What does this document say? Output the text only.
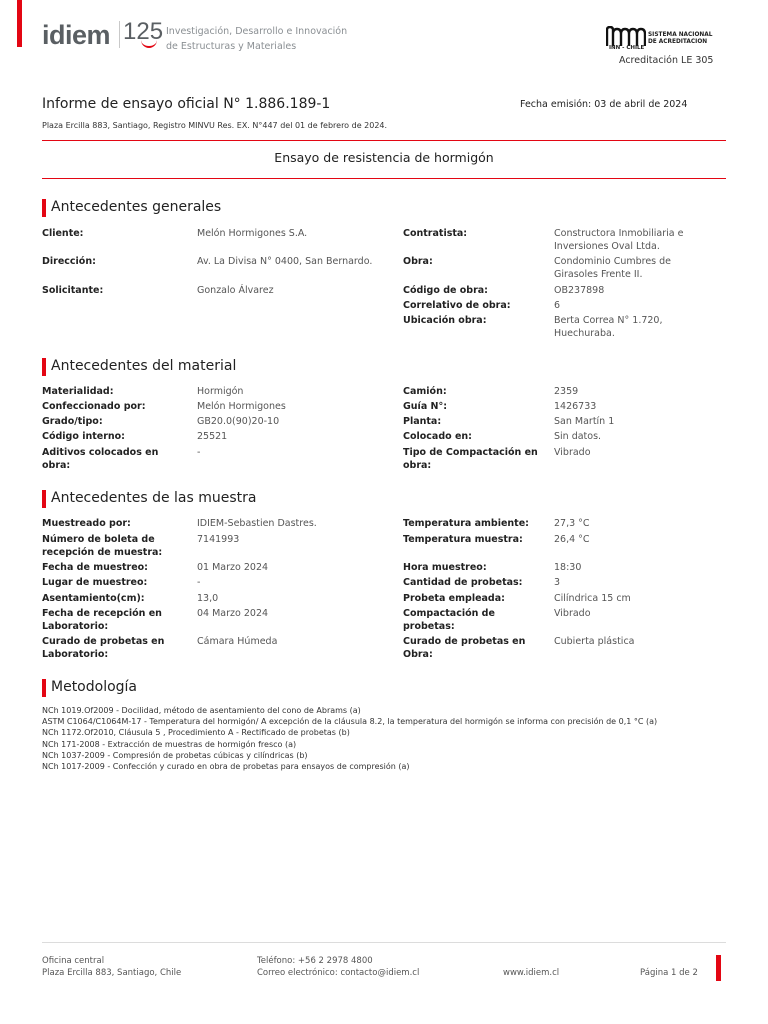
idiem 125 Investigación, Desarrollo e Innovación
de Estructuras y Materiales
SISTEMA NACIONAL
DE ACREDITACION
INN - CHILE
Acreditación LE 305
Informe de ensayo oficial N° 1.886.189-1	Fecha emisión: 03 de abril de 2024
Plaza Ercilla 883, Santiago, Registro MINVU Res. EX. N°447 del 01 de febrero de 2024.
Ensayo de resistencia de hormigón
Antecedentes generales
Cliente:	Melón Hormigones S.A.
Dirección:	Av. La Divisa N° 0400, San Bernardo.
Solicitante:	Gonzalo Álvarez
Contratista:	Constructora Inmobiliaria e Inversiones Oval Ltda.
Obra:	Condominio Cumbres de Girasoles Frente II.
Código de obra:	OB237898
Correlativo de obra:	6
Ubicación obra:	Berta Correa N° 1.720, Huechuraba.
Antecedentes del material
Materialidad:	Hormigón
Confeccionado por:	Melón Hormigones
Grado/tipo:	GB20.0(90)20-10
Código interno:	25521
Aditivos colocados en obra:
-
Camión:	2359
Guía N°:	1426733
Planta:	San Martín 1
Colocado en:	Sin datos.
Tipo de Compactación en obra:
Vibrado
Antecedentes de las muestra
Muestreado por:	IDIEM-Sebastien Dastres.
Número de boleta de recepción de muestra:
7141993
Fecha de muestreo:	01 Marzo 2024
Lugar de muestreo:	-
Asentamiento(cm):	13,0
Fecha de recepción en Laboratorio:
04 Marzo 2024
Curado de probetas en Laboratorio:
Cámara Húmeda
Temperatura ambiente:	27,3 °C
Temperatura muestra:	26,4 °C
Hora muestreo:	18:30
Cantidad de probetas:	3
Probeta empleada:	Cilíndrica 15 cm
Compactación de probetas:
Vibrado
Curado de probetas en Obra:
Cubierta plástica
Metodología
NCh 1019.Of2009 - Docilidad, método de asentamiento del cono de Abrams (a)
ASTM C1064/C1064M-17 - Temperatura del hormigón/ A excepción de la cláusula 8.2, la temperatura del hormigón se informa con precisión de 0,1 °C (a)
NCh 1172.Of2010, Cláusula 5 , Procedimiento A - Rectificado de probetas (b)
NCh 171-2008 - Extracción de muestras de hormigón fresco (a)
NCh 1037-2009 - Compresión de probetas cúbicas y cilíndricas (b)
NCh 1017-2009 - Confección y curado en obra de probetas para ensayos de compresión (a)
Oficina central
Plaza Ercilla 883, Santiago, Chile
Teléfono: +56 2 2978 4800
Correo electrónico: contacto@idiem.cl	www.idiem.cl	Página 1 de 2
